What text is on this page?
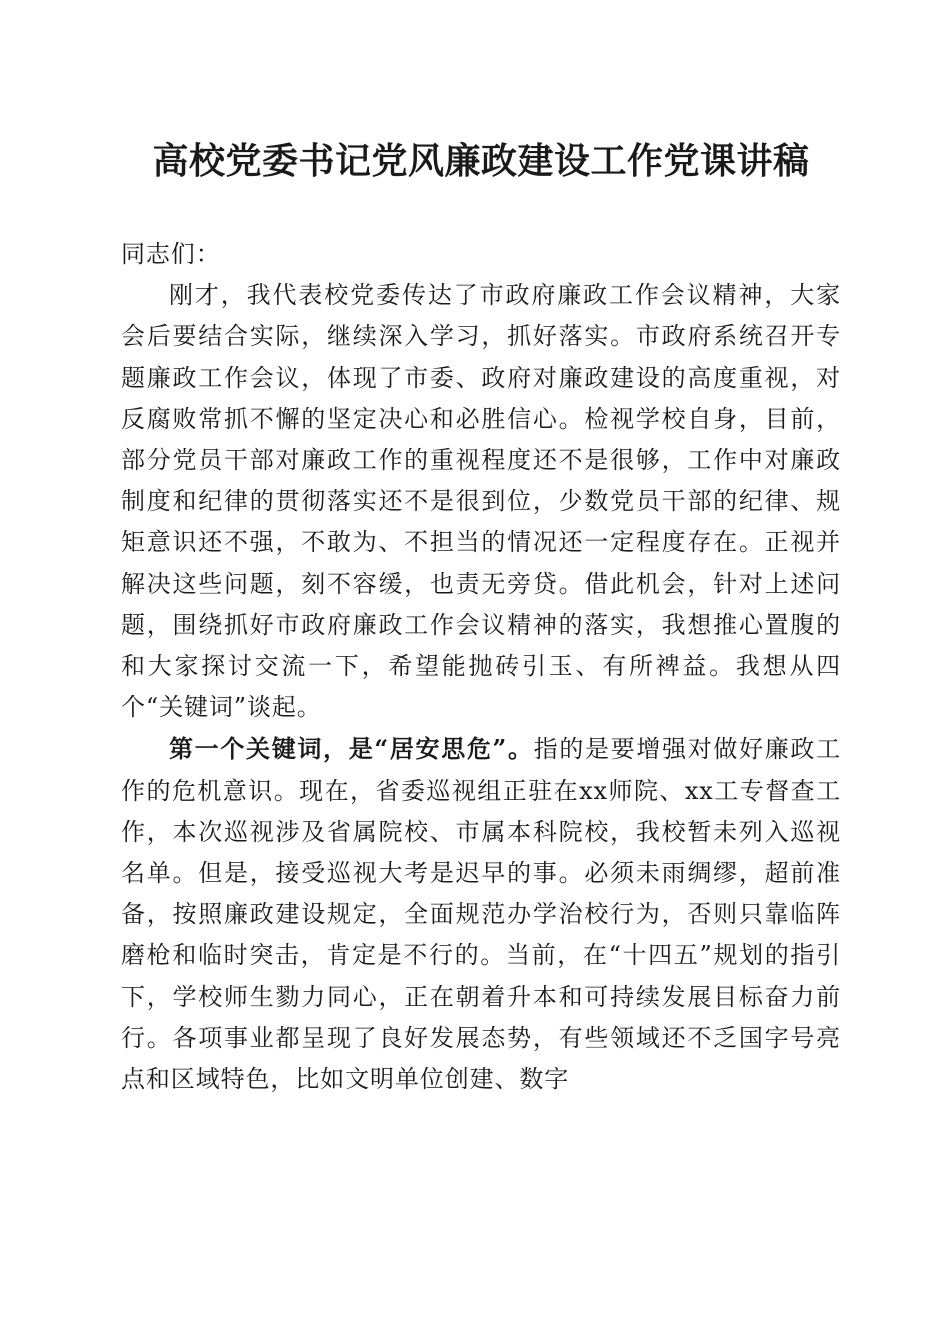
高校党委书记党风廉政建设工作党课讲稿

同志们：

刚才，我代表校党委传达了市政府廉政工作会议精神，大家会后要结合实际，继续深入学习，抓好落实。市政府系统召开专题廉政工作会议，体现了市委、政府对廉政建设的高度重视，对反腐败常抓不懈的坚定决心和必胜信心。检视学校自身，目前，部分党员干部对廉政工作的重视程度还不是很够，工作中对廉政制度和纪律的贯彻落实还不是很到位，少数党员干部的纪律、规矩意识还不强，不敢为、不担当的情况还一定程度存在。正视并解决这些问题，刻不容缓，也责无旁贷。借此机会，针对上述问题，围绕抓好市政府廉政工作会议精神的落实，我想推心置腹的和大家探讨交流一下，希望能抛砖引玉、有所裨益。我想从四个“关键词”谈起。

第一个关键词，是“居安思危”。指的是要增强对做好廉政工作的危机意识。现在，省委巡视组正驻在xx师院、xx工专督查工作，本次巡视涉及省属院校、市属本科院校，我校暂未列入巡视名单。但是，接受巡视大考是迟早的事。必须未雨绸缪，超前准备，按照廉政建设规定，全面规范办学治校行为，否则只靠临阵磨枪和临时突击，肯定是不行的。当前，在“十四五”规划的指引下，学校师生勠力同心，正在朝着升本和可持续发展目标奋力前行。各项事业都呈现了良好发展态势，有些领域还不乏国字号亮点和区域特色，比如文明单位创建、数字
